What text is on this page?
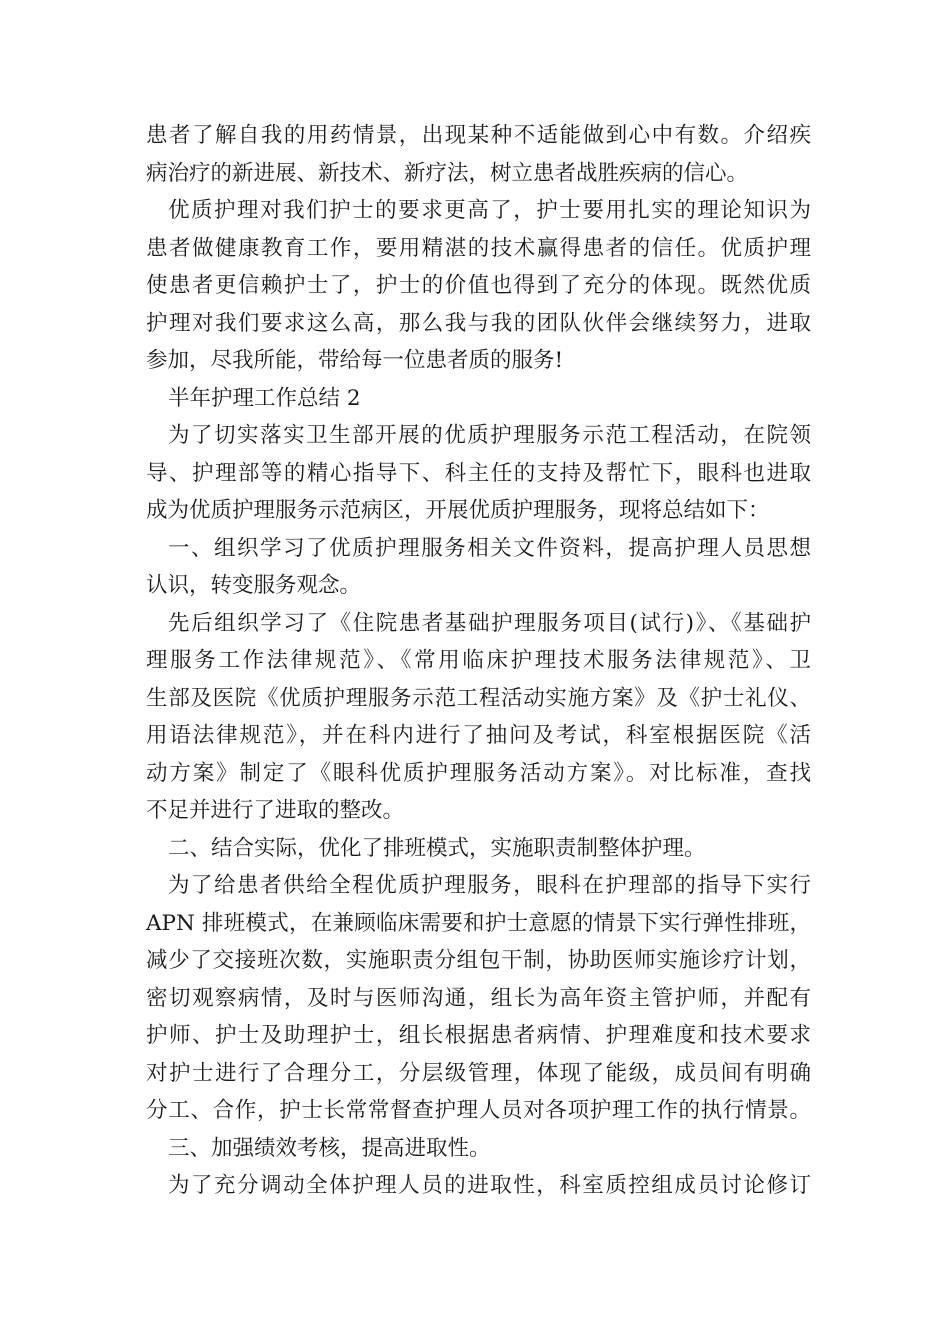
患者了解自我的用药情景，出现某种不适能做到心中有数。介绍疾
病治疗的新进展、新技术、新疗法，树立患者战胜疾病的信心。
优质护理对我们护士的要求更高了，护士要用扎实的理论知识为
患者做健康教育工作，要用精湛的技术赢得患者的信任。优质护理
使患者更信赖护士了，护士的价值也得到了充分的体现。既然优质
护理对我们要求这么高，那么我与我的团队伙伴会继续努力，进取
参加，尽我所能，带给每一位患者质的服务!
半年护理工作总结 2
为了切实落实卫生部开展的优质护理服务示范工程活动，在院领
导、护理部等的精心指导下、科主任的支持及帮忙下，眼科也进取
成为优质护理服务示范病区，开展优质护理服务，现将总结如下：
一、组织学习了优质护理服务相关文件资料，提高护理人员思想
认识，转变服务观念。
先后组织学习了《住院患者基础护理服务项目(试行)》、《基础护
理服务工作法律规范》、《常用临床护理技术服务法律规范》、卫
生部及医院《优质护理服务示范工程活动实施方案》及《护士礼仪、
用语法律规范》，并在科内进行了抽问及考试，科室根据医院《活
动方案》制定了《眼科优质护理服务活动方案》。对比标准，查找
不足并进行了进取的整改。
二、结合实际，优化了排班模式，实施职责制整体护理。
为了给患者供给全程优质护理服务，眼科在护理部的指导下实行
APN 排班模式，在兼顾临床需要和护士意愿的情景下实行弹性排班，
减少了交接班次数，实施职责分组包干制，协助医师实施诊疗计划，
密切观察病情，及时与医师沟通，组长为高年资主管护师，并配有
护师、护士及助理护士，组长根据患者病情、护理难度和技术要求
对护士进行了合理分工，分层级管理，体现了能级，成员间有明确
分工、合作，护士长常常督查护理人员对各项护理工作的执行情景。
三、加强绩效考核，提高进取性。
为了充分调动全体护理人员的进取性，科室质控组成员讨论修订
